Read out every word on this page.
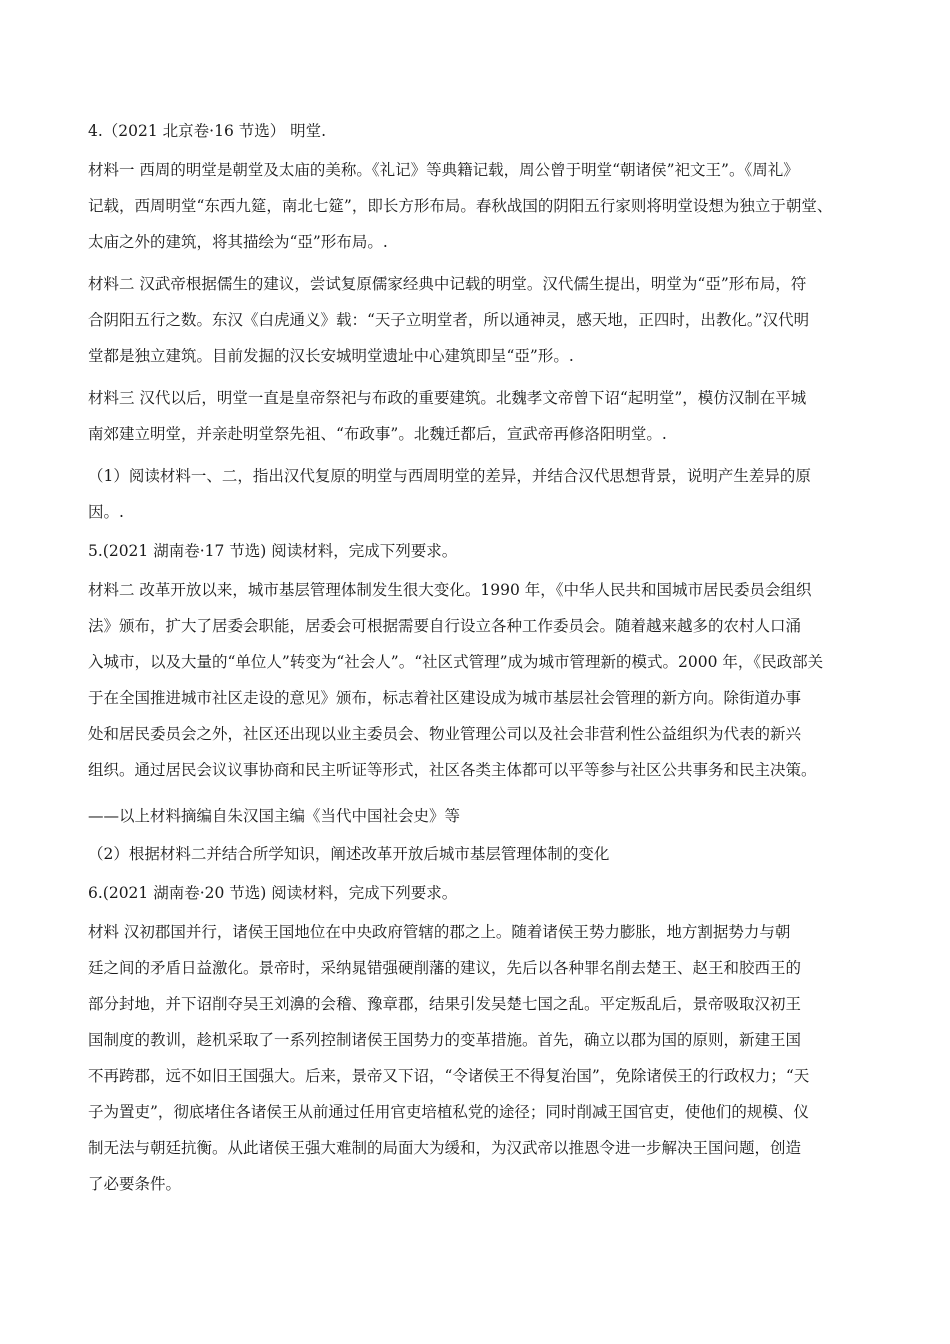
4.（2021 北京卷·16 节选） 明堂.
材料一 西周的明堂是朝堂及太庙的美称。《礼记》等典籍记载，周公曾于明堂“朝诸侯”祀文王”。《周礼》
记载，西周明堂“东西九筵，南北七筵”，即长方形布局。春秋战国的阴阳五行家则将明堂设想为独立于朝堂、
太庙之外的建筑，将其描绘为“亞”形布局。.
材料二 汉武帝根据儒生的建议，尝试复原儒家经典中记载的明堂。汉代儒生提出，明堂为“亞”形布局，符
合阴阳五行之数。东汉《白虎通义》载：“天子立明堂者，所以通神灵，感天地，正四时，出教化。”汉代明
堂都是独立建筑。目前发掘的汉长安城明堂遗址中心建筑即呈“亞”形。.
材料三 汉代以后，明堂一直是皇帝祭祀与布政的重要建筑。北魏孝文帝曾下诏“起明堂”，模仿汉制在平城
南郊建立明堂，并亲赴明堂祭先祖、“布政事”。北魏迁都后，宣武帝再修洛阳明堂。.
（1）阅读材料一、二，指出汉代复原的明堂与西周明堂的差异，并结合汉代思想背景，说明产生差异的原
因。.
5.(2021 湖南卷·17 节选) 阅读材料，完成下列要求。
材料二 改革开放以来，城市基层管理体制发生很大变化。1990 年，《中华人民共和国城市居民委员会组织
法》颁布，扩大了居委会职能，居委会可根据需要自行设立各种工作委员会。随着越来越多的农村人口涌
入城市，以及大量的“单位人”转变为“社会人”。“社区式管理”成为城市管理新的模式。2000 年，《民政部关
于在全国推进城市社区走设的意见》颁布，标志着社区建设成为城市基层社会管理的新方向。除街道办事
处和居民委员会之外，社区还出现以业主委员会、物业管理公司以及社会非营利性公益组织为代表的新兴
组织。通过居民会议议事协商和民主听证等形式，社区各类主体都可以平等参与社区公共事务和民主决策。
——以上材料摘编自朱汉国主编《当代中国社会史》等
（2）根据材料二并结合所学知识，阐述改革开放后城市基层管理体制的变化
6.(2021 湖南卷·20 节选) 阅读材料，完成下列要求。
材料 汉初郡国并行，诸侯王国地位在中央政府管辖的郡之上。随着诸侯王势力膨胀，地方割据势力与朝
廷之间的矛盾日益激化。景帝时，采纳晁错强硬削藩的建议，先后以各种罪名削去楚王、赵王和胶西王的
部分封地，并下诏削夺吴王刘濞的会稽、豫章郡，结果引发吴楚七国之乱。平定叛乱后，景帝吸取汉初王
国制度的教训，趁机采取了一系列控制诸侯王国势力的变革措施。首先，确立以郡为国的原则，新建王国
不再跨郡，远不如旧王国强大。后来，景帝又下诏，“令诸侯王不得复治国”，免除诸侯王的行政权力；“天
子为置吏”，彻底堵住各诸侯王从前通过任用官吏培植私党的途径；同时削减王国官吏，使他们的规模、仪
制无法与朝廷抗衡。从此诸侯王强大难制的局面大为缓和，为汉武帝以推恩令进一步解决王国问题，创造
了必要条件。
